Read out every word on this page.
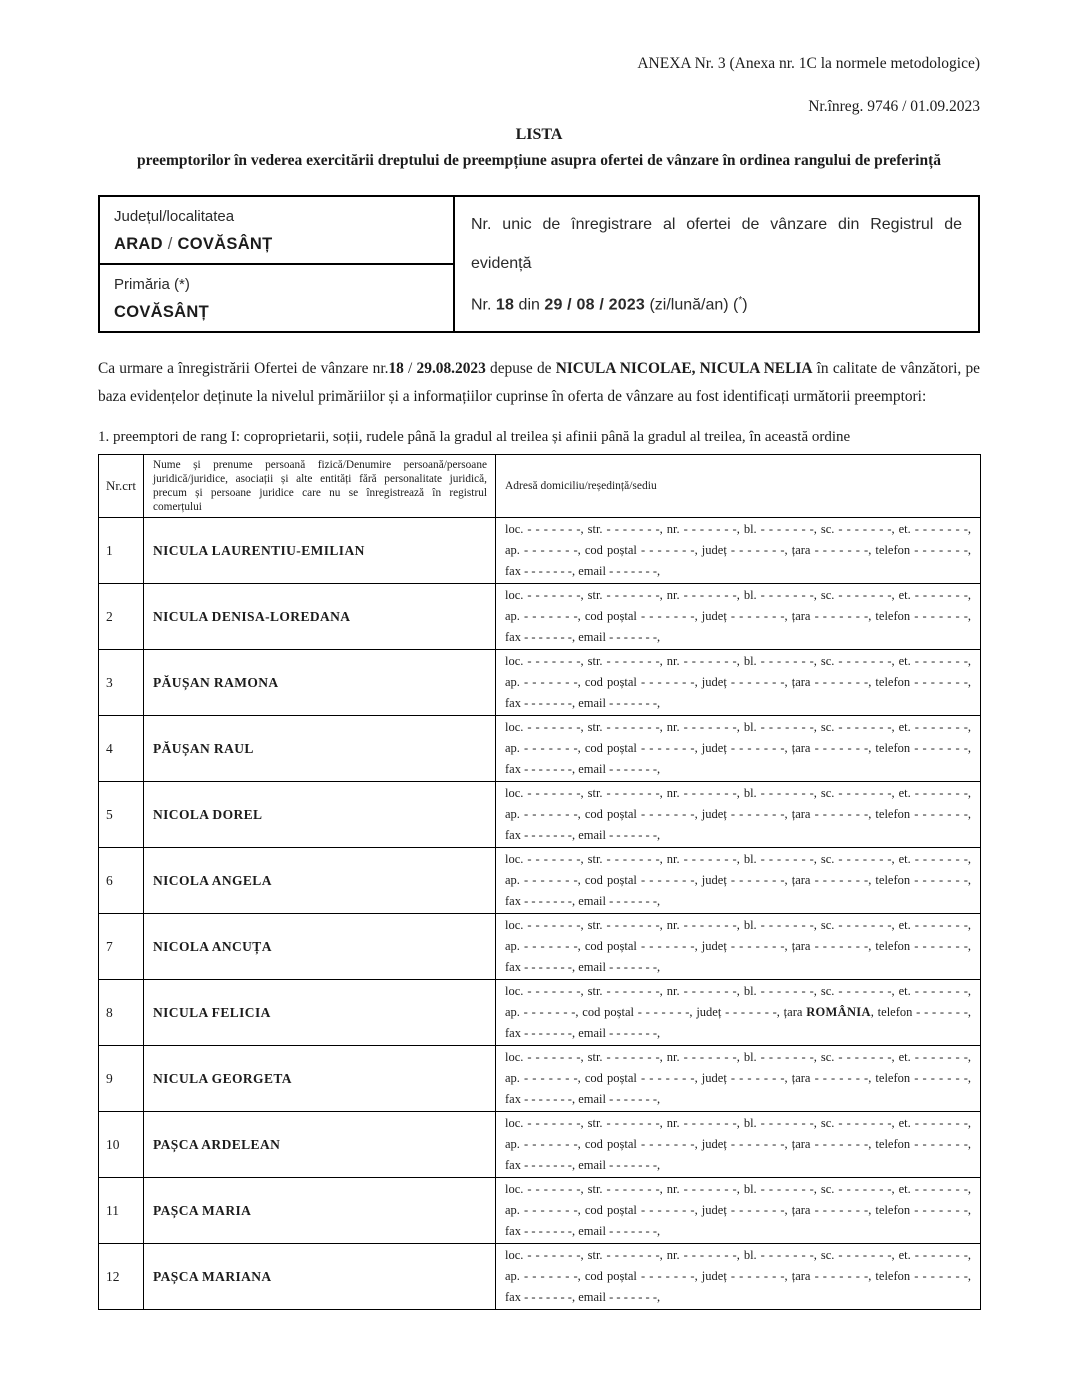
ANEXA Nr. 3 (Anexa nr. 1C la normele metodologice)
Nr.înreg. 9746 / 01.09.2023
LISTA
preemptorilor în vederea exercitării dreptului de preempțiune asupra ofertei de vânzare în ordinea rangului de preferință
Județul/localitatea
ARAD / COVĂSÂNȚ

Nr. unic de înregistrare al ofertei de vânzare din Registrul de evidență

Nr. 18 din 29 / 08 / 2023 (zi/lună/an) (*)

Primăria (*)
COVĂSÂNȚ

Ca urmare a înregistrării Ofertei de vânzare nr.18 / 29.08.2023 depuse de NICULA NICOLAE, NICULA NELIA în calitate de vânzători, pe baza evidențelor deținute la nivelul primăriilor și a informațiilor cuprinse în oferta de vânzare au fost identificați următorii preemptori:

1. preemptori de rang I: coproprietarii, soții, rudele până la gradul al treilea și afinii până la gradul al treilea, în această ordine
Nr.crt	Nume și prenume persoană fizică/Denumire persoană/persoane juridică/juridice, asociații și alte entități fără personalitate juridică, precum și persoane juridice care nu se înregistrează în registrul comerțului	Adresă domiciliu/reședință/sediu
1	NICULA LAURENTIU-EMILIAN	loc. - - - - - - -, str. - - - - - - -, nr. - - - - - - -, bl. - - - - - - -, sc. - - - - - - -, et. - - - - - - -,
ap. - - - - - - -, cod poștal - - - - - - -, județ - - - - - - -, țara - - - - - - -, telefon - - - - - - -,
fax - - - - - - -, email - - - - - - -,

2	NICULA DENISA-LOREDANA	loc. - - - - - - -, str. - - - - - - -, nr. - - - - - - -, bl. - - - - - - -, sc. - - - - - - -, et. - - - - - - -,
ap. - - - - - - -, cod poștal - - - - - - -, județ - - - - - - -, țara - - - - - - -, telefon - - - - - - -,
fax - - - - - - -, email - - - - - - -,

3	PĂUȘAN RAMONA	loc. - - - - - - -, str. - - - - - - -, nr. - - - - - - -, bl. - - - - - - -, sc. - - - - - - -, et. - - - - - - -,
ap. - - - - - - -, cod poștal - - - - - - -, județ - - - - - - -, țara - - - - - - -, telefon - - - - - - -,
fax - - - - - - -, email - - - - - - -,

4	PĂUȘAN RAUL	loc. - - - - - - -, str. - - - - - - -, nr. - - - - - - -, bl. - - - - - - -, sc. - - - - - - -, et. - - - - - - -,
ap. - - - - - - -, cod poștal - - - - - - -, județ - - - - - - -, țara - - - - - - -, telefon - - - - - - -,
fax - - - - - - -, email - - - - - - -,

5	NICOLA DOREL	loc. - - - - - - -, str. - - - - - - -, nr. - - - - - - -, bl. - - - - - - -, sc. - - - - - - -, et. - - - - - - -,
ap. - - - - - - -, cod poștal - - - - - - -, județ - - - - - - -, țara - - - - - - -, telefon - - - - - - -,
fax - - - - - - -, email - - - - - - -,

6	NICOLA ANGELA	loc. - - - - - - -, str. - - - - - - -, nr. - - - - - - -, bl. - - - - - - -, sc. - - - - - - -, et. - - - - - - -,
ap. - - - - - - -, cod poștal - - - - - - -, județ - - - - - - -, țara - - - - - - -, telefon - - - - - - -,
fax - - - - - - -, email - - - - - - -,

7	NICOLA ANCUȚA	loc. - - - - - - -, str. - - - - - - -, nr. - - - - - - -, bl. - - - - - - -, sc. - - - - - - -, et. - - - - - - -,
ap. - - - - - - -, cod poștal - - - - - - -, județ - - - - - - -, țara - - - - - - -, telefon - - - - - - -,
fax - - - - - - -, email - - - - - - -,

8	NICULA FELICIA	loc. - - - - - - -, str. - - - - - - -, nr. - - - - - - -, bl. - - - - - - -, sc. - - - - - - -, et. - - - - - - -,
ap. - - - - - - -, cod poștal - - - - - - -, județ - - - - - - -, țara ROMÂNIA, telefon - - - - - - -,
fax - - - - - - -, email - - - - - - -,

9	NICULA GEORGETA	loc. - - - - - - -, str. - - - - - - -, nr. - - - - - - -, bl. - - - - - - -, sc. - - - - - - -, et. - - - - - - -,
ap. - - - - - - -, cod poștal - - - - - - -, județ - - - - - - -, țara - - - - - - -, telefon - - - - - - -,
fax - - - - - - -, email - - - - - - -,

10	PAȘCA ARDELEAN	loc. - - - - - - -, str. - - - - - - -, nr. - - - - - - -, bl. - - - - - - -, sc. - - - - - - -, et. - - - - - - -,
ap. - - - - - - -, cod poștal - - - - - - -, județ - - - - - - -, țara - - - - - - -, telefon - - - - - - -,
fax - - - - - - -, email - - - - - - -,

11	PAȘCA MARIA	loc. - - - - - - -, str. - - - - - - -, nr. - - - - - - -, bl. - - - - - - -, sc. - - - - - - -, et. - - - - - - -,
ap. - - - - - - -, cod poștal - - - - - - -, județ - - - - - - -, țara - - - - - - -, telefon - - - - - - -,
fax - - - - - - -, email - - - - - - -,

12	PAȘCA MARIANA	loc. - - - - - - -, str. - - - - - - -, nr. - - - - - - -, bl. - - - - - - -, sc. - - - - - - -, et. - - - - - - -,
ap. - - - - - - -, cod poștal - - - - - - -, județ - - - - - - -, țara - - - - - - -, telefon - - - - - - -,
fax - - - - - - -, email - - - - - - -,
